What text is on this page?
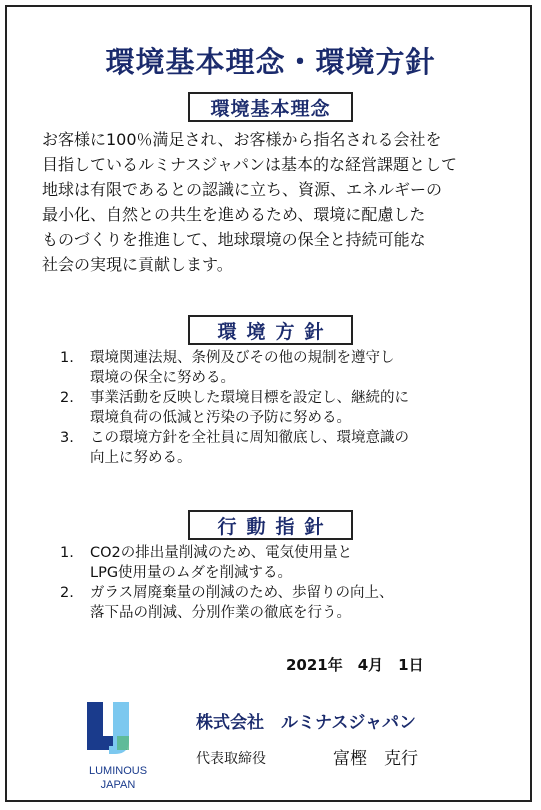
環境基本理念・環境方針
環境基本理念
お客様に100％満足され、お客様から指名される会社を
目指しているルミナスジャパンは基本的な経営課題として
地球は有限であるとの認識に立ち、資源、エネルギーの
最小化、自然との共生を進めるため、環境に配慮した
ものづくりを推進して、地球環境の保全と持続可能な
社会の実現に貢献します。
環境方針
1.	環境関連法規、条例及びその他の規制を遵守し
環境の保全に努める。
2.	事業活動を反映した環境目標を設定し、継続的に
環境負荷の低減と汚染の予防に努める。
3.	この環境方針を全社員に周知徹底し、環境意識の
向上に努める。
行動指針
1.	CO2の排出量削減のため、電気使用量と
LPG使用量のムダを削減する。
2.	ガラス屑廃棄量の削減のため、歩留りの向上、
落下品の削減、分別作業の徹底を行う。
2021年　4月　1日
LUMINOUS
JAPAN
株式会社　ルミナスジャパン
代表取締役	富樫　克行
